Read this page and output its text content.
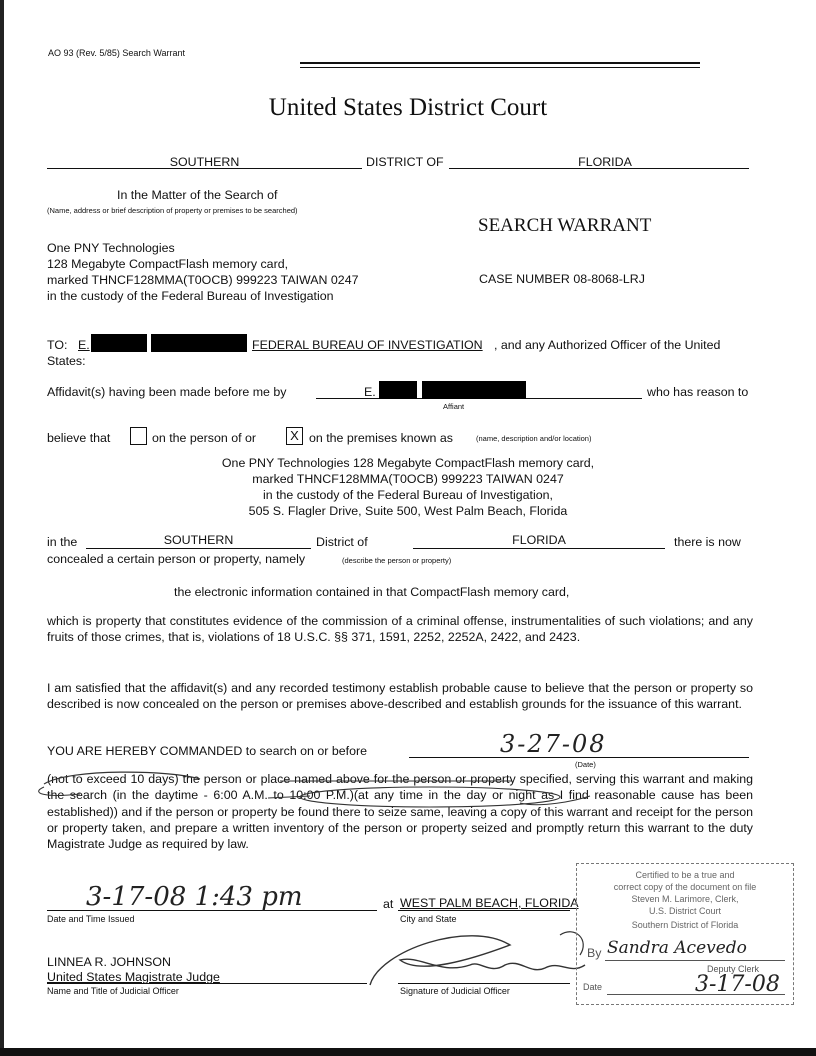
AO 93 (Rev. 5/85) Search Warrant
United States District Court
SOUTHERN	DISTRICT OF	FLORIDA
In the Matter of the Search of
(Name, address or brief description of property or premises to be searched)
One PNY Technologies
128 Megabyte CompactFlash memory card,
marked THNCF128MMA(T0OCB) 999223 TAIWAN 0247
in the custody of the Federal Bureau of Investigation
SEARCH WARRANT
CASE NUMBER 08-8068-LRJ
TO: E.	FEDERAL BUREAU OF INVESTIGATION , and any Authorized Officer of the United
States:
Affidavit(s) having been made before me by	E.
Affiant
who has reason to
believe that	on the person of or	X on the premises known as	(name, description and/or location)
One PNY Technologies 128 Megabyte CompactFlash memory card,
marked THNCF128MMA(T0OCB) 999223 TAIWAN 0247
in the custody of the Federal Bureau of Investigation,
505 S. Flagler Drive, Suite 500, West Palm Beach, Florida
in the	SOUTHERN	District of	FLORIDA	there is now
concealed a certain person or property, namely	(describe the person or property)
the electronic information contained in that CompactFlash memory card,
which is property that constitutes evidence of the commission of a criminal offense, instrumentalities of such violations; and any fruits of those crimes, that is, violations of 18 U.S.C. §§ 371, 1591, 2252, 2252A, 2422, and 2423.
I am satisfied that the affidavit(s) and any recorded testimony establish probable cause to believe that the person or property so described is now concealed on the person or premises above-described and establish grounds for the issuance of this warrant.
YOU ARE HEREBY COMMANDED to search on or before	3-27-08
(Date)
(not to exceed 10 days) the person or place named above for the person or property specified, serving this warrant and making the search (in the daytime - 6:00 A.M. to 10:00 P.M.)(at any time in the day or night as I find reasonable cause has been established)) and if the person or property be found there to seize same, leaving a copy of this warrant and receipt for the person or property taken, and prepare a written inventory of the person or property seized and promptly return this warrant to the duty Magistrate Judge as required by law.
3-17-08 1:43 pm	at WEST PALM BEACH, FLORIDA
Date and Time Issued	City and State
LINNEA R. JOHNSON
United States Magistrate Judge
Name and Title of Judicial Officer	Signature of Judicial Officer
Certified to be a true and
correct copy of the document on file
Steven M. Larimore, Clerk,
U.S. District Court
Southern District of Florida
By Sandra Acevedo
Deputy Clerk
Date	3-17-08
